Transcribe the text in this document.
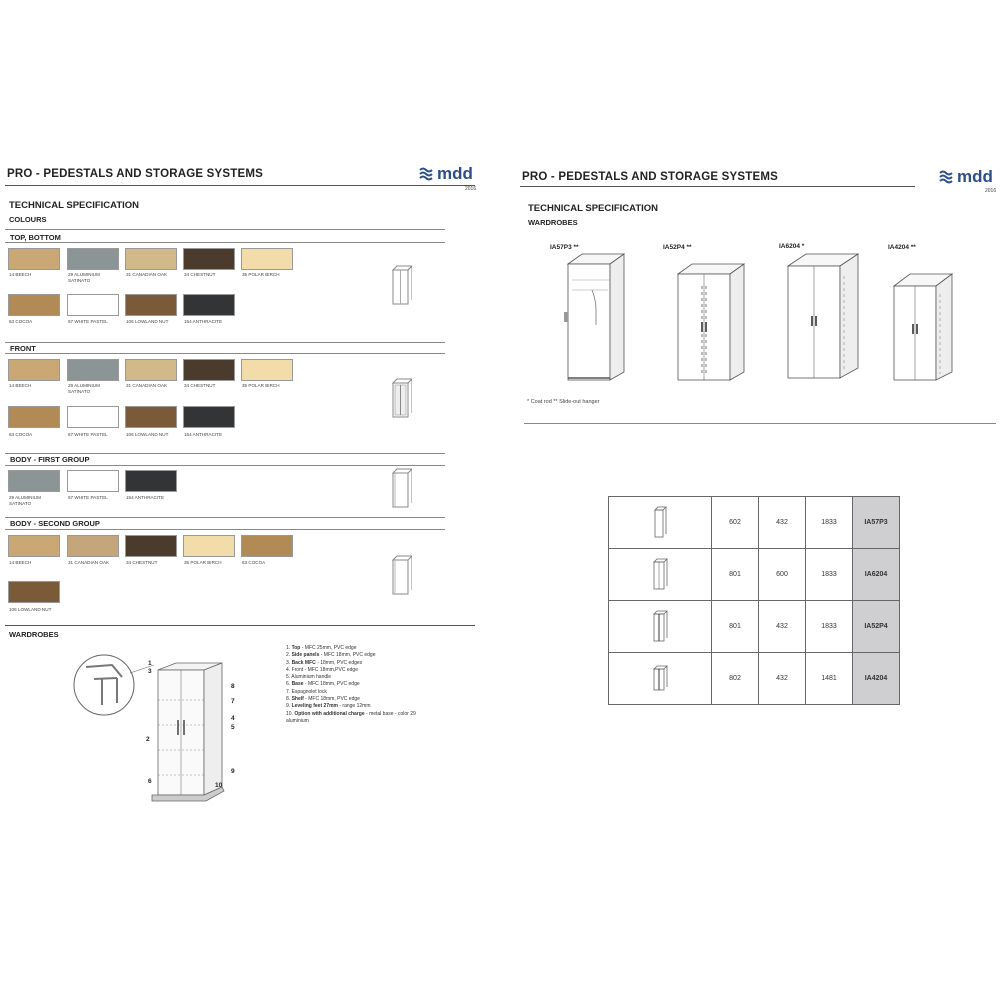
PRO - PEDESTALS AND STORAGE SYSTEMS	mdd
2016
TECHNICAL SPECIFICATION
COLOURS
TOP, BOTTOM
14 BEECH	29 ALUMINIUM SATINATO
31 CANADIAN OAK	34 CHESTNUT	35 POLAR BIRCH
63 COCOA	67 WHITE PASTEL	106 LOWLAND NUT	154 ANTHRACITE
FRONT
14 BEECH	29 ALUMINIUM SATINATO
31 CANADIAN OAK	34 CHESTNUT	35 POLAR BIRCH
63 COCOA	67 WHITE PASTEL	106 LOWLAND NUT	154 ANTHRACITE
BODY - FIRST GROUP
29 ALUMINIUM SATINATO
67 WHITE PASTEL	154 ANTHRACITE
BODY - SECOND GROUP
14 BEECH	31 CANADIAN OAK	34 CHESTNUT	35 POLAR BIRCH	63 COCOA
106 LOWLAND NUT
WARDROBES
1
3
8
7
4
5
2
6
9
10
1. Top - MFC 25mm, PVC edge
2. Side panels - MFC 18mm, PVC edge
3. Back MFC - 18mm, PVC edges
4. Front - MFC 18mm,PVC edge
5. Aluminium handle
6. Base - MFC 18mm, PVC edge
7. Espagnolet lock
8. Shelf - MFC 18mm, PVC edge
9. Leveling feet 27mm - range 12mm
10. Option with additional charge - metal base - color 29 aluminium
PRO - PEDESTALS AND STORAGE SYSTEMS	mdd
2016
TECHNICAL SPECIFICATION
WARDROBES
IA57P3 **	IA52P4 **	IA6204 *	IA4204 **
* Coat rod ** Slide-out hanger
	602	432	1833	IA57P3
	801	600	1833	IA6204
	801	432	1833	IA52P4
	802	432	1481	IA4204
